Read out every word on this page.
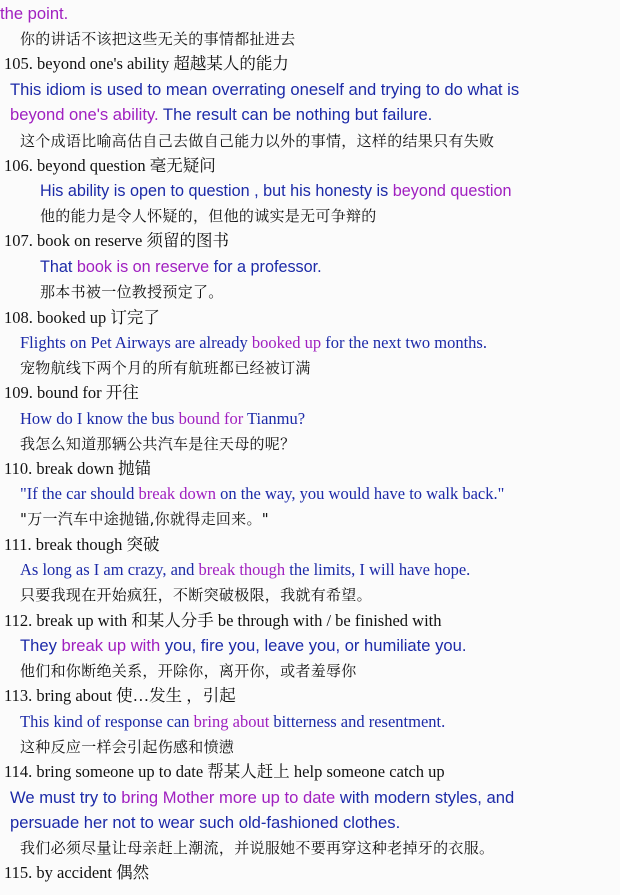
the point.
你的讲话不该把这些无关的事情都扯进去
105. beyond one's ability 超越某人的能力
This idiom is used to mean overrating oneself and trying to do what is
beyond one's ability. The result can be nothing but failure.
这个成语比喻高估自己去做自己能力以外的事情，这样的结果只有失败
106. beyond question 毫无疑问
His ability is open to question , but his honesty is beyond question
他的能力是令人怀疑的，但他的诚实是无可争辩的
107. book on reserve 须留的图书
That book is on reserve for a professor.
那本书被一位教授预定了。
108. booked up 订完了
Flights on Pet Airways are already booked up for the next two months.
宠物航线下两个月的所有航班都已经被订满
109. bound for 开往
How do I know the bus bound for Tianmu?
我怎么知道那辆公共汽车是往天母的呢？
110. break down 抛锚
"If the car should break down on the way, you would have to walk back."
"万一汽车中途抛锚,你就得走回来。"
111. break though 突破
As long as I am crazy, and break though the limits, I will have hope.
只要我现在开始疯狂，不断突破极限，我就有希望。
112. break up with 和某人分手 be through with / be finished with
They break up with you, fire you, leave you, or humiliate you.
他们和你断绝关系，开除你，离开你，或者羞辱你
113. bring about 使…发生 ，引起
This kind of response can bring about bitterness and resentment.
这种反应一样会引起伤感和愤懑
114. bring someone up to date 帮某人赶上 help someone catch up
We must try to bring Mother more up to date with modern styles, and
persuade her not to wear such old-fashioned clothes.
我们必须尽量让母亲赶上潮流，并说服她不要再穿这种老掉牙的衣服。
115. by accident 偶然
